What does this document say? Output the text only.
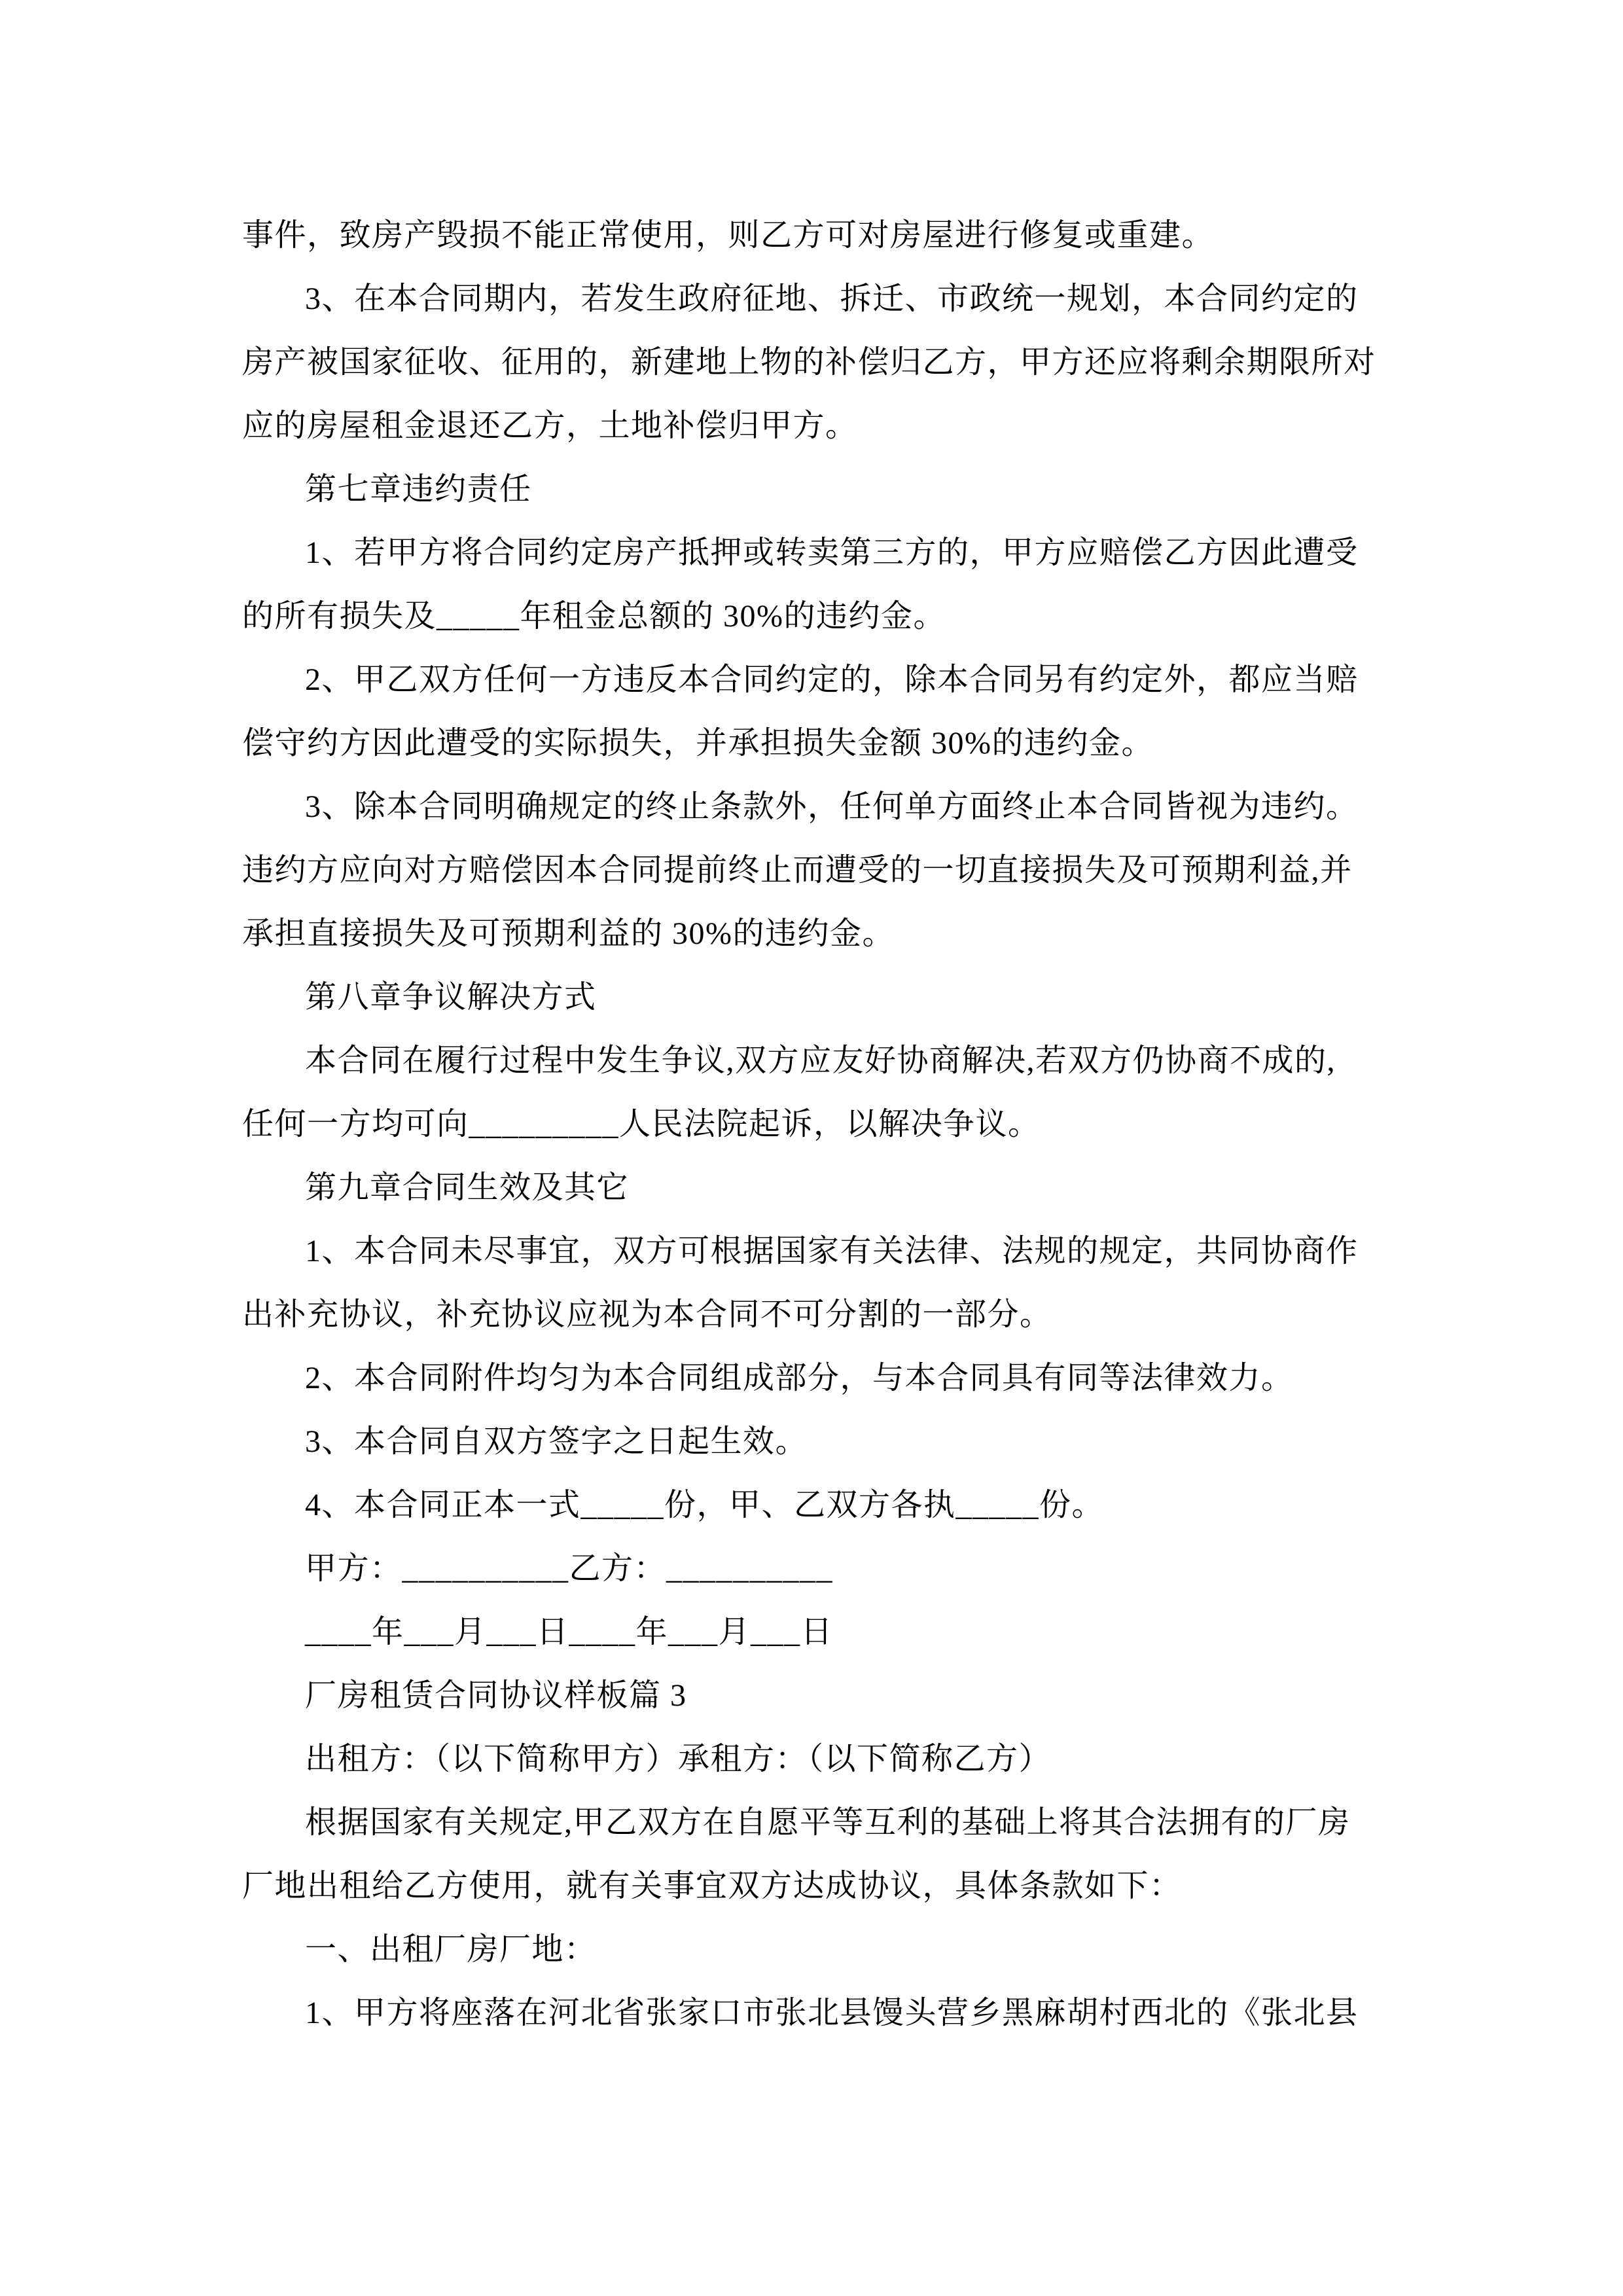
事件，致房产毁损不能正常使用，则乙方可对房屋进行修复或重建。

3、在本合同期内，若发生政府征地、拆迁、市政统一规划，本合同约定的

房产被国家征收、征用的，新建地上物的补偿归乙方，甲方还应将剩余期限所对

应的房屋租金退还乙方，土地补偿归甲方。

第七章违约责任

1、若甲方将合同约定房产抵押或转卖第三方的，甲方应赔偿乙方因此遭受

的所有损失及_____年租金总额的 30%的违约金。

2、甲乙双方任何一方违反本合同约定的，除本合同另有约定外，都应当赔

偿守约方因此遭受的实际损失，并承担损失金额 30%的违约金。

3、除本合同明确规定的终止条款外，任何单方面终止本合同皆视为违约。

违约方应向对方赔偿因本合同提前终止而遭受的一切直接损失及可预期利益,并

承担直接损失及可预期利益的 30%的违约金。

第八章争议解决方式

本合同在履行过程中发生争议,双方应友好协商解决,若双方仍协商不成的,

任何一方均可向_________人民法院起诉，以解决争议。

第九章合同生效及其它

1、本合同未尽事宜，双方可根据国家有关法律、法规的规定，共同协商作

出补充协议，补充协议应视为本合同不可分割的一部分。

2、本合同附件均匀为本合同组成部分，与本合同具有同等法律效力。

3、本合同自双方签字之日起生效。

4、本合同正本一式_____份，甲、乙双方各执_____份。

甲方：__________乙方：__________

____年___月___日____年___月___日

厂房租赁合同协议样板篇 3

出租方：（以下简称甲方）承租方：（以下简称乙方）

根据国家有关规定,甲乙双方在自愿平等互利的基础上将其合法拥有的厂房

厂地出租给乙方使用，就有关事宜双方达成协议，具体条款如下：

一、出租厂房厂地：

1、甲方将座落在河北省张家口市张北县馒头营乡黑麻胡村西北的《张北县
